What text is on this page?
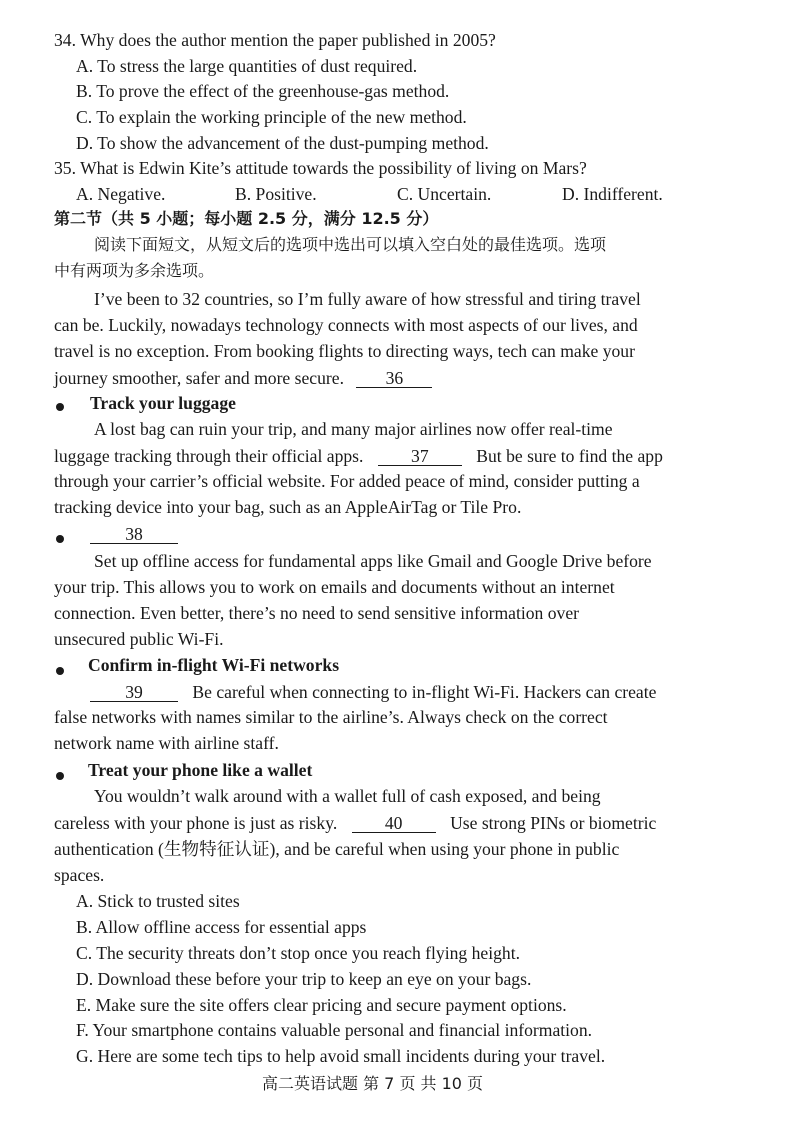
34. Why does the author mention the paper published in 2005?
A. To stress the large quantities of dust required.
B. To prove the effect of the greenhouse-gas method.
C. To explain the working principle of the new method.
D. To show the advancement of the dust-pumping method.
35. What is Edwin Kite’s attitude towards the possibility of living on Mars?
A. Negative.	B. Positive.	C. Uncertain.	D. Indifferent.
第二节（共 5 小题；每小题 2.5 分，满分 12.5 分）
阅读下面短文，从短文后的选项中选出可以填入空白处的最佳选项。选项
中有两项为多余选项。
I’ve been to 32 countries, so I’m fully aware of how stressful and tiring travel
can be. Luckily, nowadays technology connects with most aspects of our lives, and
travel is no exception. From booking flights to directing ways, tech can make your
journey smoother, safer and more secure. 36
Track your luggage
A lost bag can ruin your trip, and many major airlines now offer real-time
luggage tracking through their official apps.	37	But be sure to find the app
through your carrier’s official website. For added peace of mind, consider putting a
tracking device into your bag, such as an AppleAirTag or Tile Pro.
38
Set up offline access for fundamental apps like Gmail and Google Drive before
your trip. This allows you to work on emails and documents without an internet
connection. Even better, there’s no need to send sensitive information over
unsecured public Wi-Fi.
Confirm in-flight Wi-Fi networks
39	Be careful when connecting to in-flight Wi-Fi. Hackers can create
false networks with names similar to the airline’s. Always check on the correct
network name with airline staff.
Treat your phone like a wallet
You wouldn’t walk around with a wallet full of cash exposed, and being
careless with your phone is just as risky.	40	Use strong PINs or biometric
authentication (生物特征认证), and be careful when using your phone in public
spaces.
A. Stick to trusted sites
B. Allow offline access for essential apps
C. The security threats don’t stop once you reach flying height.
D. Download these before your trip to keep an eye on your bags.
E. Make sure the site offers clear pricing and secure payment options.
F. Your smartphone contains valuable personal and financial information.
G. Here are some tech tips to help avoid small incidents during your travel.
高二英语试题 第 7 页 共 10 页
